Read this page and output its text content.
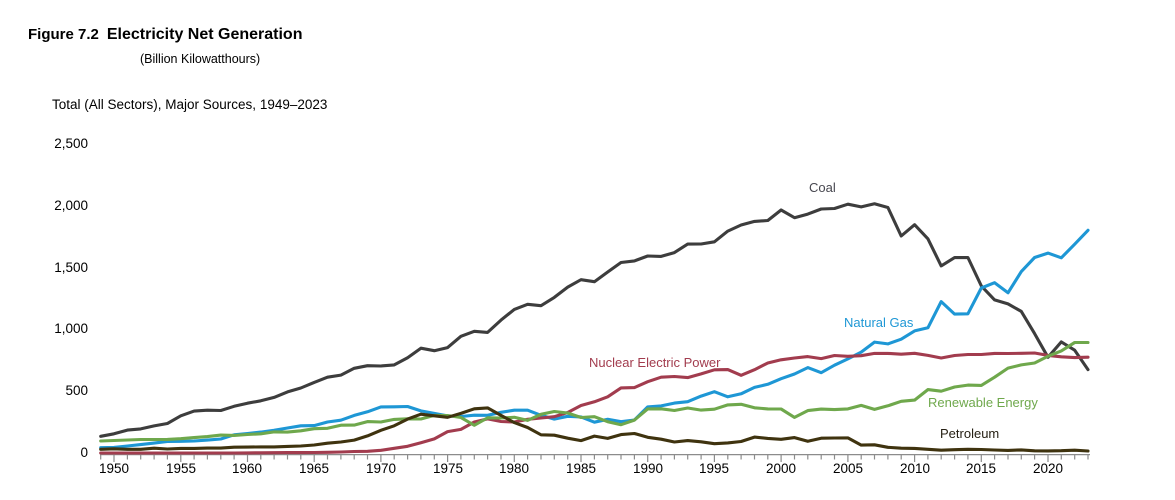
Figure 7.2 Electricity Net Generation
(Billion Kilowatthours)
Total (All Sectors), Major Sources, 1949–2023
0
500
1,000
1,500
2,000
2,500
1950	1955	1960	1965	1970	1975	1980	1985	1990	1995	2000	2005	2010	2015	2020
Coal
Natural Gas
Nuclear Electric Power
Renewable Energy
Petroleum
